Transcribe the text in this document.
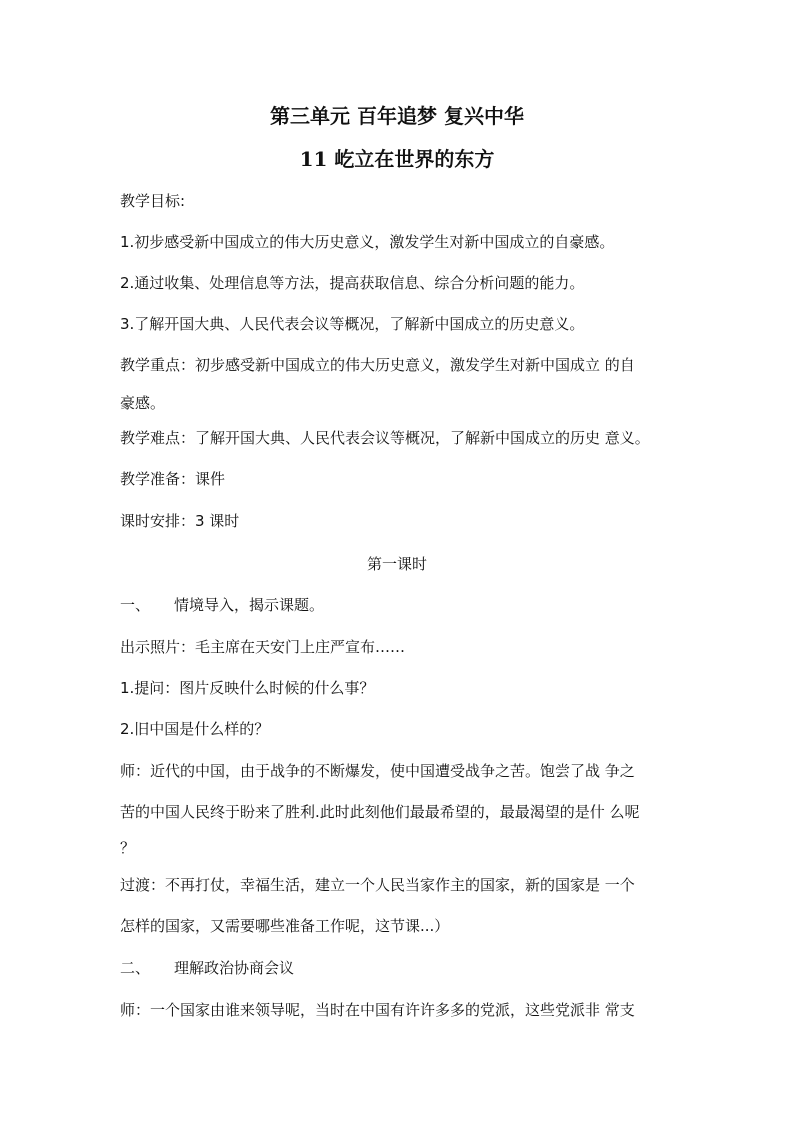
第三单元 百年追梦 复兴中华
11 屹立在世界的东方
教学目标:
1.初步感受新中国成立的伟大历史意义，激发学生对新中国成立的自豪感。
2.通过收集、处理信息等方法，提高获取信息、综合分析问题的能力。
3.了解开国大典、人民代表会议等概况，了解新中国成立的历史意义。
教学重点：初步感受新中国成立的伟大历史意义，激发学生对新中国成立 的自
豪感。
教学难点：了解开国大典、人民代表会议等概况，了解新中国成立的历史 意义。
教学准备：课件
课时安排：3 课时
第一课时
一、 情境导入，揭示课题。
出示照片：毛主席在天安门上庄严宣布……
1.提问：图片反映什么时候的什么事？
2.旧中国是什么样的？
师：近代的中国，由于战争的不断爆发，使中国遭受战争之苦。饱尝了战 争之
苦的中国人民终于盼来了胜利.此时此刻他们最最希望的，最最渴望的是什 么呢
？
过渡：不再打仗，幸福生活，建立一个人民当家作主的国家，新的国家是 一个
怎样的国家，又需要哪些准备工作呢，这节课...）
二、 理解政治协商会议
师：一个国家由谁来领导呢，当时在中国有许许多多的党派，这些党派非 常支
